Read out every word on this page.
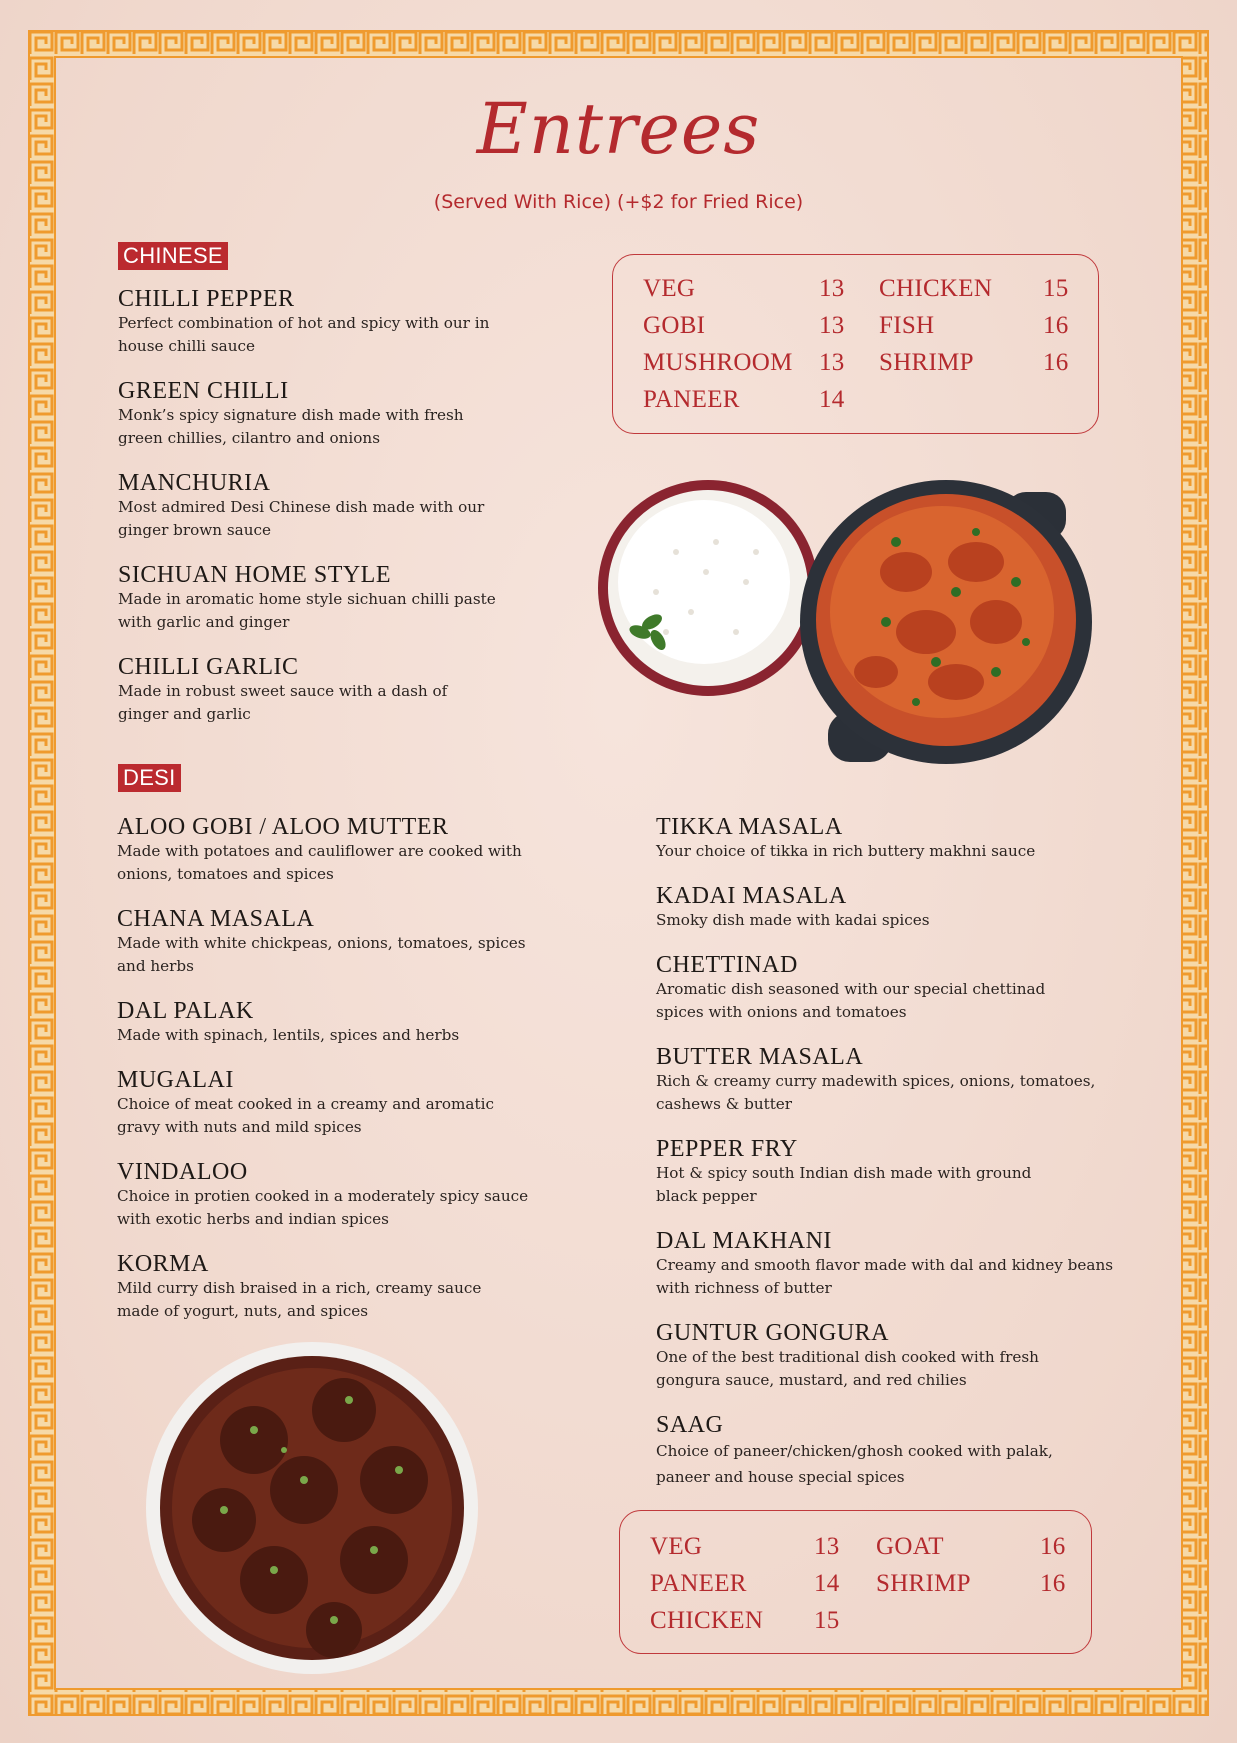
Entrees
(Served With Rice) (+$2 for Fried Rice)
CHINESE

CHILLI PEPPER

Perfect combination of hot and spicy with our in
house chilli sauce

GREEN CHILLI

Monk’s spicy signature dish made with fresh
green chillies, cilantro and onions

MANCHURIA

Most admired Desi Chinese dish made with our
ginger brown sauce

SICHUAN HOME STYLE

Made in aromatic home style sichuan chilli paste
with garlic and ginger

CHILLI GARLIC

Made in robust sweet sauce with a dash of
ginger and garlic

VEG	13
GOBI	13
MUSHROOM 13
PANEER	14
CHICKEN 15
FISH	16
SHRIMP	16
DESI

ALOO GOBI / ALOO MUTTER

Made with potatoes and cauliflower are cooked with
onions, tomatoes and spices

CHANA MASALA

Made with white chickpeas, onions, tomatoes, spices
and herbs

DAL PALAK

Made with spinach, lentils, spices and herbs

MUGALAI

Choice of meat cooked in a creamy and aromatic
gravy with nuts and mild spices

VINDALOO

Choice in protien cooked in a moderately spicy sauce
with exotic herbs and indian spices

KORMA

Mild curry dish braised in a rich, creamy sauce
made of yogurt, nuts, and spices

TIKKA MASALA

Your choice of tikka in rich buttery makhni sauce

KADAI MASALA

Smoky dish made with kadai spices

CHETTINAD

Aromatic dish seasoned with our special chettinad
spices with onions and tomatoes

BUTTER MASALA

Rich & creamy curry madewith spices, onions, tomatoes,
cashews & butter

PEPPER FRY

Hot & spicy south Indian dish made with ground
black pepper

DAL MAKHANI

Creamy and smooth flavor made with dal and kidney beans
with richness of butter

GUNTUR GONGURA

One of the best traditional dish cooked with fresh
gongura sauce, mustard, and red chilies

SAAG

Choice of paneer/chicken/ghosh cooked with palak,
paneer and house special spices

VEG	13
PANEER	14
CHICKEN 15
GOAT	16
SHRIMP	16
